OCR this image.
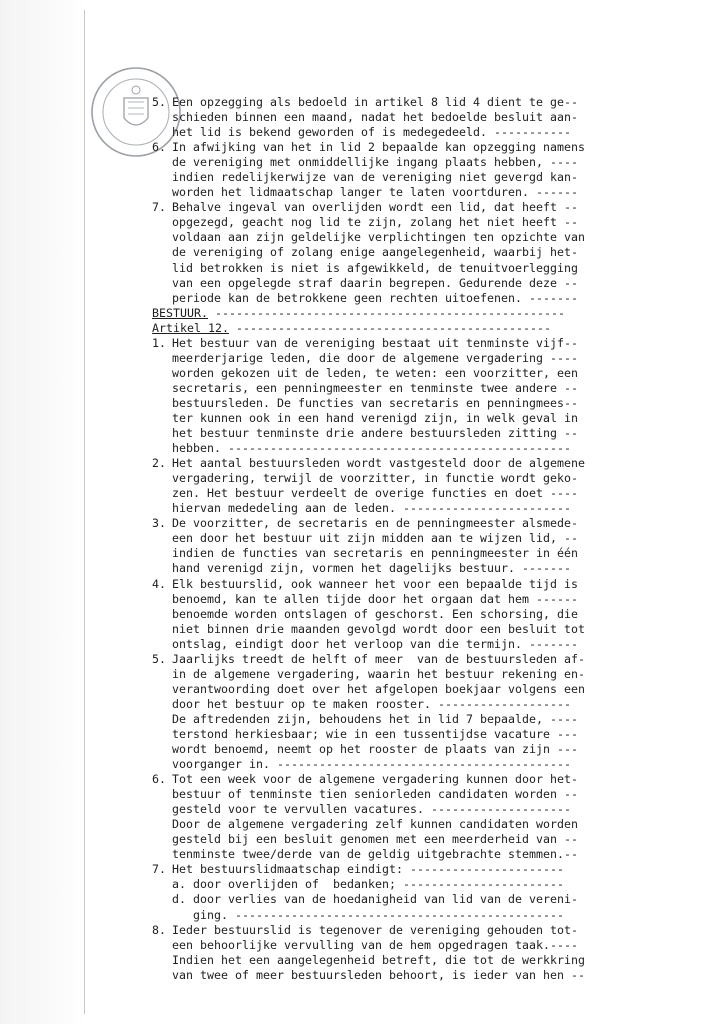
5. Een opzegging als bedoeld in artikel 8 lid 4 dient te ge--
schieden binnen een maand, nadat het bedoelde besluit aan-
het lid is bekend geworden of is medegedeeld. -----------
6. In afwijking van het in lid 2 bepaalde kan opzegging namens
de vereniging met onmiddellijke ingang plaats hebben, ----
indien redelijkerwijze van de vereniging niet gevergd kan-
worden het lidmaatschap langer te laten voortduren. ------
7. Behalve ingeval van overlijden wordt een lid, dat heeft --
opgezegd, geacht nog lid te zijn, zolang het niet heeft --
voldaan aan zijn geldelijke verplichtingen ten opzichte van
de vereniging of zolang enige aangelegenheid, waarbij het-
lid betrokken is niet is afgewikkeld, de tenuitvoerlegging
van een opgelegde straf daarin begrepen. Gedurende deze --
periode kan de betrokkene geen rechten uitoefenen. -------
BESTUUR. --------------------------------------------------
Artikel 12. ---------------------------------------------
1. Het bestuur van de vereniging bestaat uit tenminste vijf--
meerderjarige leden, die door de algemene vergadering ----
worden gekozen uit de leden, te weten: een voorzitter, een
secretaris, een penningmeester en tenminste twee andere --
bestuursleden. De functies van secretaris en penningmees--
ter kunnen ook in een hand verenigd zijn, in welk geval in
het bestuur tenminste drie andere bestuursleden zitting --
hebben. -------------------------------------------------
2. Het aantal bestuursleden wordt vastgesteld door de algemene
vergadering, terwijl de voorzitter, in functie wordt geko-
zen. Het bestuur verdeelt de overige functies en doet ----
hiervan mededeling aan de leden. ------------------------
3. De voorzitter, de secretaris en de penningmeester alsmede-
een door het bestuur uit zijn midden aan te wijzen lid, --
indien de functies van secretaris en penningmeester in één
hand verenigd zijn, vormen het dagelijks bestuur. -------
4. Elk bestuurslid, ook wanneer het voor een bepaalde tijd is
benoemd, kan te allen tijde door het orgaan dat hem ------
benoemde worden ontslagen of geschorst. Een schorsing, die
niet binnen drie maanden gevolgd wordt door een besluit tot
ontslag, eindigt door het verloop van die termijn. -------
5. Jaarlijks treedt de helft of meer  van de bestuursleden af-
in de algemene vergadering, waarin het bestuur rekening en-
verantwoording doet over het afgelopen boekjaar volgens een
door het bestuur op te maken rooster. -------------------
De aftredenden zijn, behoudens het in lid 7 bepaalde, ----
terstond herkiesbaar; wie in een tussentijdse vacature ---
wordt benoemd, neemt op het rooster de plaats van zijn ---
voorganger in. ------------------------------------------
6. Tot een week voor de algemene vergadering kunnen door het-
bestuur of tenminste tien seniorleden candidaten worden --
gesteld voor te vervullen vacatures. --------------------
Door de algemene vergadering zelf kunnen candidaten worden
gesteld bij een besluit genomen met een meerderheid van --
tenminste twee/derde van de geldig uitgebrachte stemmen.--
7. Het bestuurslidmaatschap eindigt: ----------------------
a. door overlijden of  bedanken; -----------------------
d. door verlies van de hoedanigheid van lid van de vereni-
ging. -----------------------------------------------
8. Ieder bestuurslid is tegenover de vereniging gehouden tot-
een behoorlijke vervulling van de hem opgedragen taak.----
Indien het een aangelegenheid betreft, die tot de werkkring
van twee of meer bestuursleden behoort, is ieder van hen --
